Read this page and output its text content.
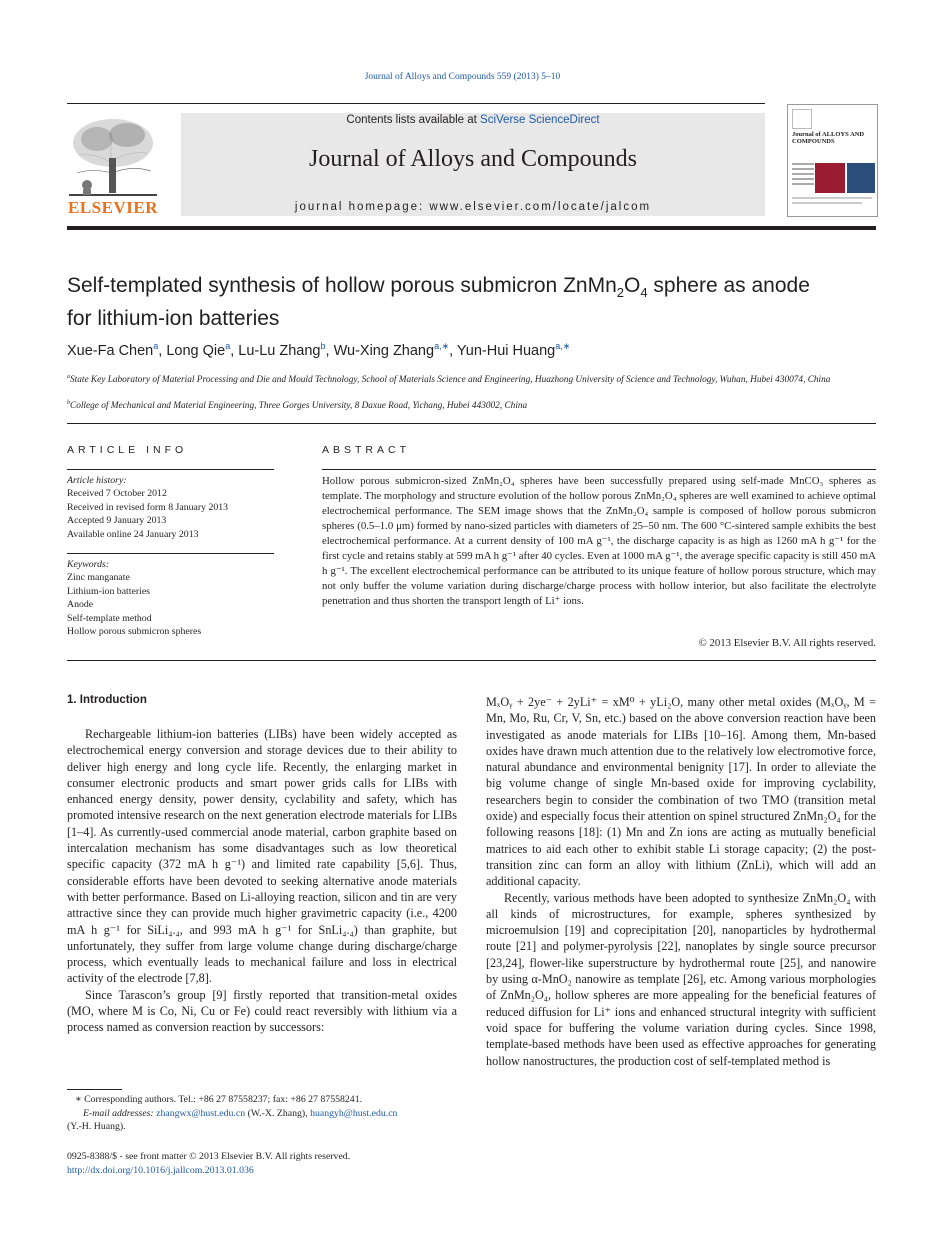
Journal of Alloys and Compounds 559 (2013) 5–10
ELSEVIER
Contents lists available at SciVerse ScienceDirect
Journal of Alloys and Compounds
journal homepage: www.elsevier.com/locate/jalcom
Journal of ALLOYS AND COMPOUNDS
Self-templated synthesis of hollow porous submicron $ZnMn_2O_4$ sphere as anode
for lithium-ion batteries
Xue-Fa Chen$^a$, Long Qie$^a$, Lu-Lu Zhang$^b$, Wu-Xing Zhang$^{a,∗}$, Yun-Hui Huang$^{a,∗}$
$^a$State Key Laboratory of Material Processing and Die and Mould Technology, School of Materials Science and Engineering, Huazhong University of Science and Technology, Wuhan, Hubei 430074, China
$^b$College of Mechanical and Material Engineering, Three Gorges University, 8 Daxue Road, Yichang, Hubei 443002, China
ARTICLE INFO
Article history:
Received 7 October 2012
Received in revised form 8 January 2013
Accepted 9 January 2013
Available online 24 January 2013
Keywords:
Zinc manganate
Lithium-ion batteries
Anode
Self-template method
Hollow porous submicron spheres
ABSTRACT
Hollow porous submicron-sized ZnMn₂O₄ spheres have been successfully prepared using self-made MnCO₃ spheres as template. The morphology and structure evolution of the hollow porous ZnMn₂O₄ spheres are well examined to achieve optimal electrochemical performance. The SEM image shows that the ZnMn₂O₄ sample is composed of hollow porous submicron spheres (0.5–1.0 μm) formed by nano-sized particles with diameters of 25–50 nm. The 600 °C-sintered sample exhibits the best electrochemical performance. At a current density of 100 mA g⁻¹, the discharge capacity is as high as 1260 mA h g⁻¹ for the first cycle and retains stably at 599 mA h g⁻¹ after 40 cycles. Even at 1000 mA g⁻¹, the average specific capacity is still 450 mA h g⁻¹. The excellent electrochemical performance can be attributed to its unique feature of hollow porous structure, which may not only buffer the volume variation during discharge/charge process with hollow interior, but also facilitate the electrolyte penetration and thus shorten the transport length of Li⁺ ions.
© 2013 Elsevier B.V. All rights reserved.
1. Introduction

Rechargeable lithium-ion batteries (LIBs) have been widely accepted as electrochemical energy conversion and storage devices due to their ability to deliver high energy and long cycle life. Recently, the enlarging market in consumer electronic products and smart power grids calls for LIBs with enhanced energy density, power density, cyclability and safety, which has promoted intensive research on the next generation electrode materials for LIBs [1–4]. As currently-used commercial anode material, carbon graphite based on intercalation mechanism has some disadvantages such as low theoretical specific capacity (372 mA h g⁻¹) and limited rate capability [5,6]. Thus, considerable efforts have been devoted to seeking alternative anode materials with better performance. Based on Li-alloying reaction, silicon and tin are very attractive since they can provide much higher gravimetric capacity (i.e., 4200 mA h g⁻¹ for SiLi₄.₄, and 993 mA h g⁻¹ for SnLi₄.₄) than graphite, but unfortunately, they suffer from large volume change during discharge/charge process, which eventually leads to mechanical failure and loss in electrical activity of the electrode [7,8].

Since Tarascon’s group [9] firstly reported that transition-metal oxides (MO, where M is Co, Ni, Cu or Fe) could react reversibly with lithium via a process named as conversion reaction by successors:

MₓOᵧ + 2ye⁻ + 2yLi⁺ = xM⁰ + yLi₂O, many other metal oxides (MₓOᵧ, M = Mn, Mo, Ru, Cr, V, Sn, etc.) based on the above conversion reaction have been investigated as anode materials for LIBs [10–16]. Among them, Mn-based oxides have drawn much attention due to the relatively low electromotive force, natural abundance and environmental benignity [17]. In order to alleviate the big volume change of single Mn-based oxide for improving cyclability, researchers begin to consider the combination of two TMO (transition metal oxide) and especially focus their attention on spinel structured ZnMn₂O₄ for the following reasons [18]: (1) Mn and Zn ions are acting as mutually beneficial matrices to aid each other to exhibit stable Li storage capacity; (2) the post-transition zinc can form an alloy with lithium (ZnLi), which will add an additional capacity.

Recently, various methods have been adopted to synthesize ZnMn₂O₄ with all kinds of microstructures, for example, spheres synthesized by microemulsion [19] and coprecipitation [20], nanoparticles by hydrothermal route [21] and polymer-pyrolysis [22], nanoplates by single source precursor [23,24], flower-like superstructure by hydrothermal route [25], and nanowire by using α-MnO₂ nanowire as template [26], etc. Among various morphologies of ZnMn₂O₄, hollow spheres are more appealing for the beneficial features of reduced diffusion for Li⁺ ions and enhanced structural integrity with sufficient void space for buffering the volume variation during cycles. Since 1998, template-based methods have been used as effective approaches for generating hollow nanostructures, the production cost of self-templated method is

∗ Corresponding authors. Tel.: +86 27 87558237; fax: +86 27 87558241.
E-mail addresses: zhangwx@hust.edu.cn (W.-X. Zhang), huangyh@hust.edu.cn
(Y.-H. Huang).
0925-8388/$ - see front matter © 2013 Elsevier B.V. All rights reserved.
http://dx.doi.org/10.1016/j.jallcom.2013.01.036
